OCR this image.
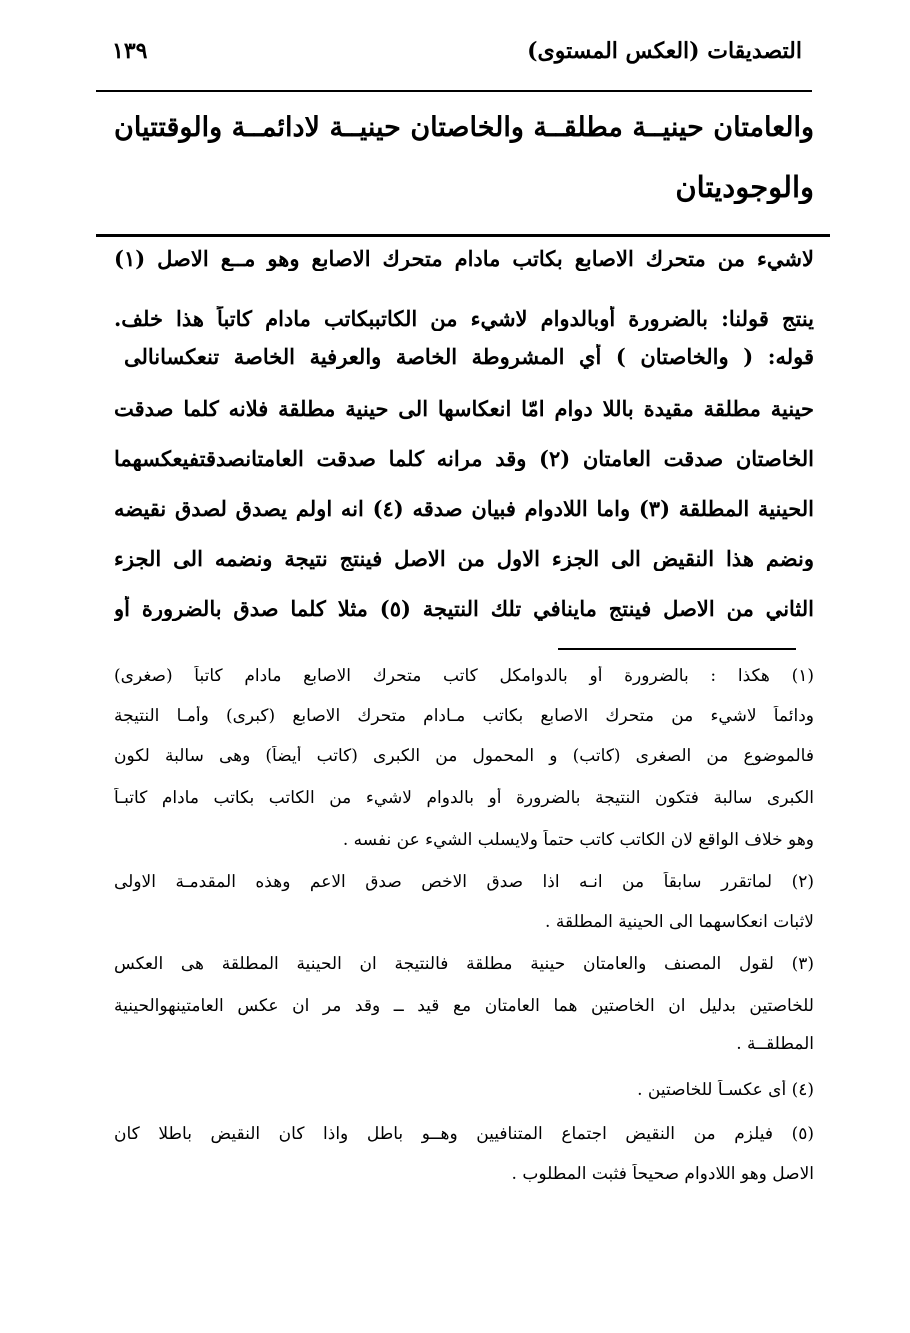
التصديقات (العكس المستوى)
١٣٩
والعامتان حينيــة مطلقــة والخاصتان حينيــة لادائمــة والوقتتيان
والوجوديتان
لاشيء من متحرك الاصابع بكاتب مادام متحرك الاصابع وهو مــع الاصل (١)
ينتج قولنا: بالضرورة أوبالدوام لاشيء من الكاتببكاتب مادام كاتباً هذا خلف.
قوله: ( والخاصتان ) أي المشروطة الخاصة والعرفية الخاصة تنعكسانالى
حينية مطلقة مقيدة باللا دوام امّا انعكاسها الى حينية مطلقة فلانه كلما صدقت
الخاصتان صدقت العامتان (٢) وقد مرانه كلما صدقت العامتانصدقتفيعكسهما
الحينية المطلقة (٣) واما اللادوام فبيان صدقه (٤) انه اولم يصدق لصدق نقيضه
ونضم هذا النقيض الى الجزء الاول من الاصل فينتج نتيجة ونضمه الى الجزء
الثاني من الاصل فينتج ماينافي تلك النتيجة (٥) مثلا كلما صدق بالضرورة أو
(١) هكذا : بالضرورة أو بالدوامكل كاتب متحرك الاصابع مادام كاتباً (صغرى)
ودائماً لاشيء من متحرك الاصابع بكاتب مـادام متحرك الاصابع (كبرى) وأمـا النتيجة
فالموضوع من الصغرى (كاتب) و المحمول من الكبرى (كاتب أيضاً) وهى سالبة لكون
الكبرى سالبة فتكون النتيجة بالضرورة أو بالدوام لاشيء من الكاتب بكاتب مادام كاتبـاً
وهو خلاف الواقع لان الكاتب كاتب حتماً ولايسلب الشيء عن نفسه .
(٢) لماتقرر سابقاً من انـه اذا صدق الاخص صدق الاعم وهذه المقدمـة الاولى
لاثبات انعكاسهما الى الحينية المطلقة .
(٣) لقول المصنف والعامتان حينية مطلقة فالنتيجة ان الحينية المطلقة هى العكس
للخاصتين بدليل ان الخاصتين هما العامتان مع قيد ــ وقد مر ان عكس العامتينهوالحينية
المطلقــة .
(٤) أى عكسـاً للخاصتين .
(٥) فيلزم من النقيض اجتماع المتنافيين وهــو باطل واذا كان النقيض باطلا كان
الاصل وهو اللادوام صحيحاً فثبت المطلوب .
